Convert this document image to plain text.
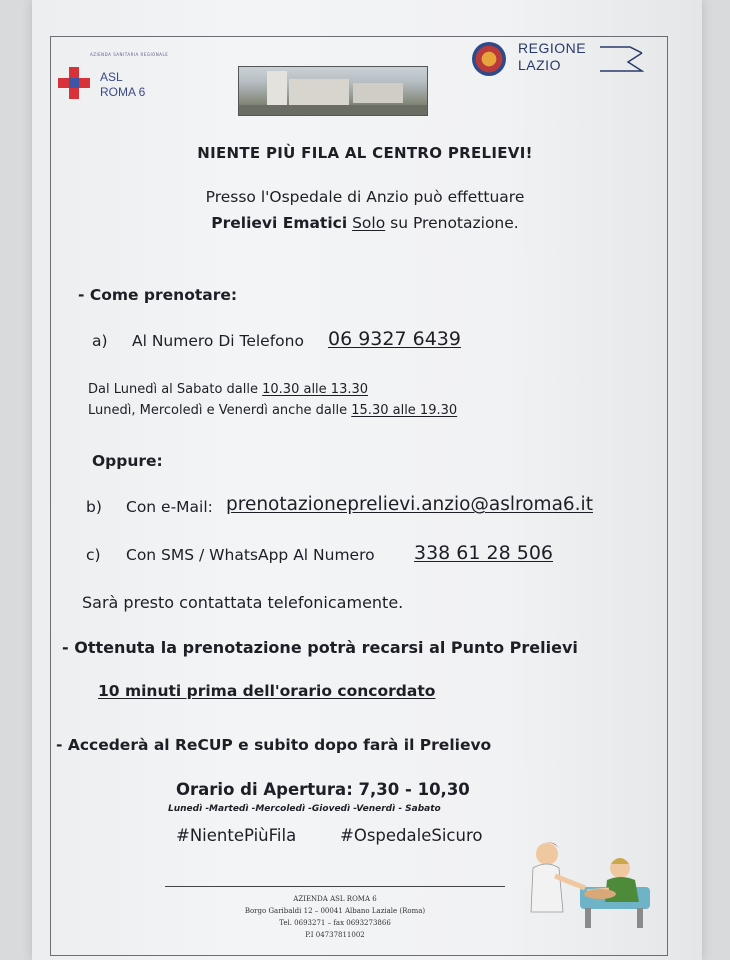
AZIENDA SANITARIA REGIONALE
ASL
ROMA 6
REGIONE
LAZIO
NIENTE PIÙ FILA AL CENTRO PRELIEVI!
Presso l'Ospedale di Anzio può effettuare
Prelievi Ematici Solo su Prenotazione.
- Come prenotare:
a) Al Numero Di Telefono 06 9327 6439
Dal Lunedì al Sabato dalle 10.30 alle 13.30
Lunedì, Mercoledì e Venerdì anche dalle 15.30 alle 19.30
Oppure:
b) Con e-Mail: prenotazioneprelievi.anzio@aslroma6.it
c) Con SMS / WhatsApp Al Numero 338 61 28 506
Sarà presto contattata telefonicamente.
- Ottenuta la prenotazione potrà recarsi al Punto Prelievi
10 minuti prima dell'orario concordato
- Accederà al ReCUP e subito dopo farà il Prelievo
Orario di Apertura: 7,30 - 10,30
Lunedì -Martedì -Mercoledì -Giovedì -Venerdì - Sabato
#NientePiùFila	#OspedaleSicuro
AZIENDA ASL ROMA 6
Borgo Garibaldi 12 – 00041 Albano Laziale (Roma)
Tel. 0693271 – fax 0693273866
P.I 04737811002
